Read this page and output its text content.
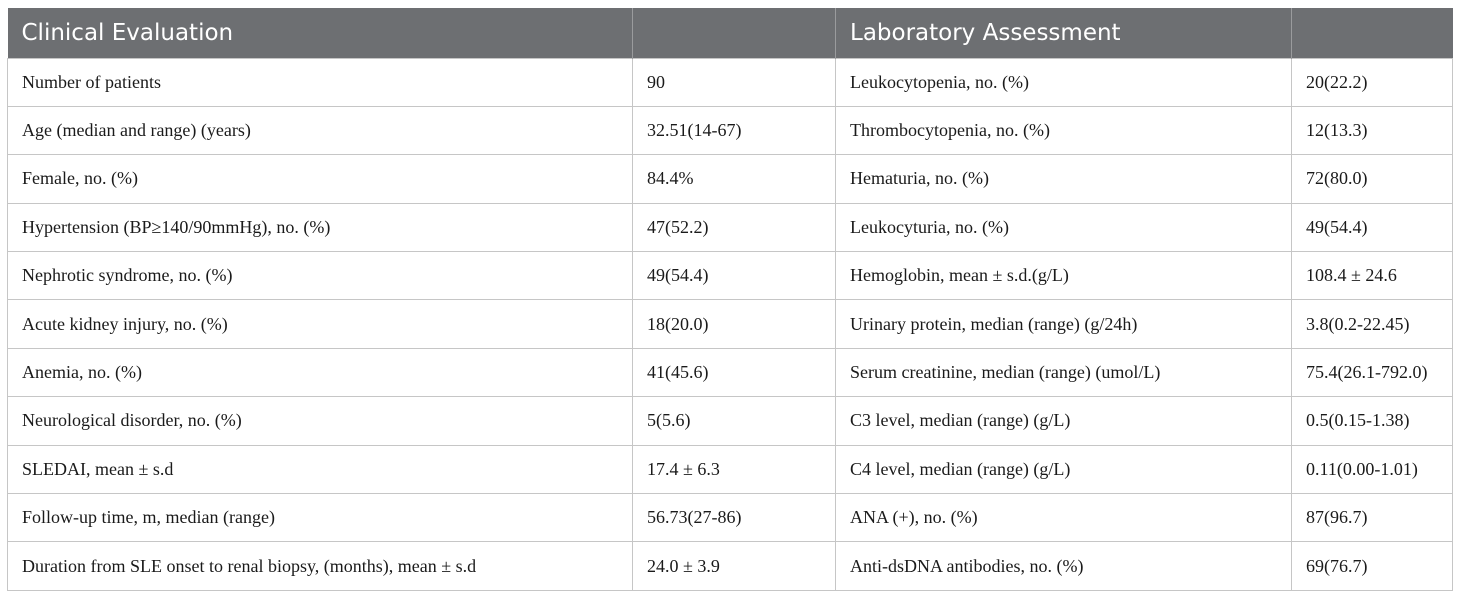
Clinical Evaluation		Laboratory Assessment	
Number of patients	90	Leukocytopenia, no. (%)	20(22.2)
Age (median and range) (years)	32.51(14-67)	Thrombocytopenia, no. (%)	12(13.3)
Female, no. (%)	84.4%	Hematuria, no. (%)	72(80.0)
Hypertension (BP≥140/90mmHg), no. (%)	47(52.2)	Leukocyturia, no. (%)	49(54.4)
Nephrotic syndrome, no. (%)	49(54.4)	Hemoglobin, mean ± s.d.(g/L)	108.4 ± 24.6
Acute kidney injury, no. (%)	18(20.0)	Urinary protein, median (range) (g/24h)	3.8(0.2-22.45)
Anemia, no. (%)	41(45.6)	Serum creatinine, median (range) (umol/L)	75.4(26.1-792.0)
Neurological disorder, no. (%)	5(5.6)	C3 level, median (range) (g/L)	0.5(0.15-1.38)
SLEDAI, mean ± s.d	17.4 ± 6.3	C4 level, median (range) (g/L)	0.11(0.00-1.01)
Follow-up time, m, median (range)	56.73(27-86)	ANA (+), no. (%)	87(96.7)
Duration from SLE onset to renal biopsy, (months), mean ± s.d	24.0 ± 3.9	Anti-dsDNA antibodies, no. (%)	69(76.7)
